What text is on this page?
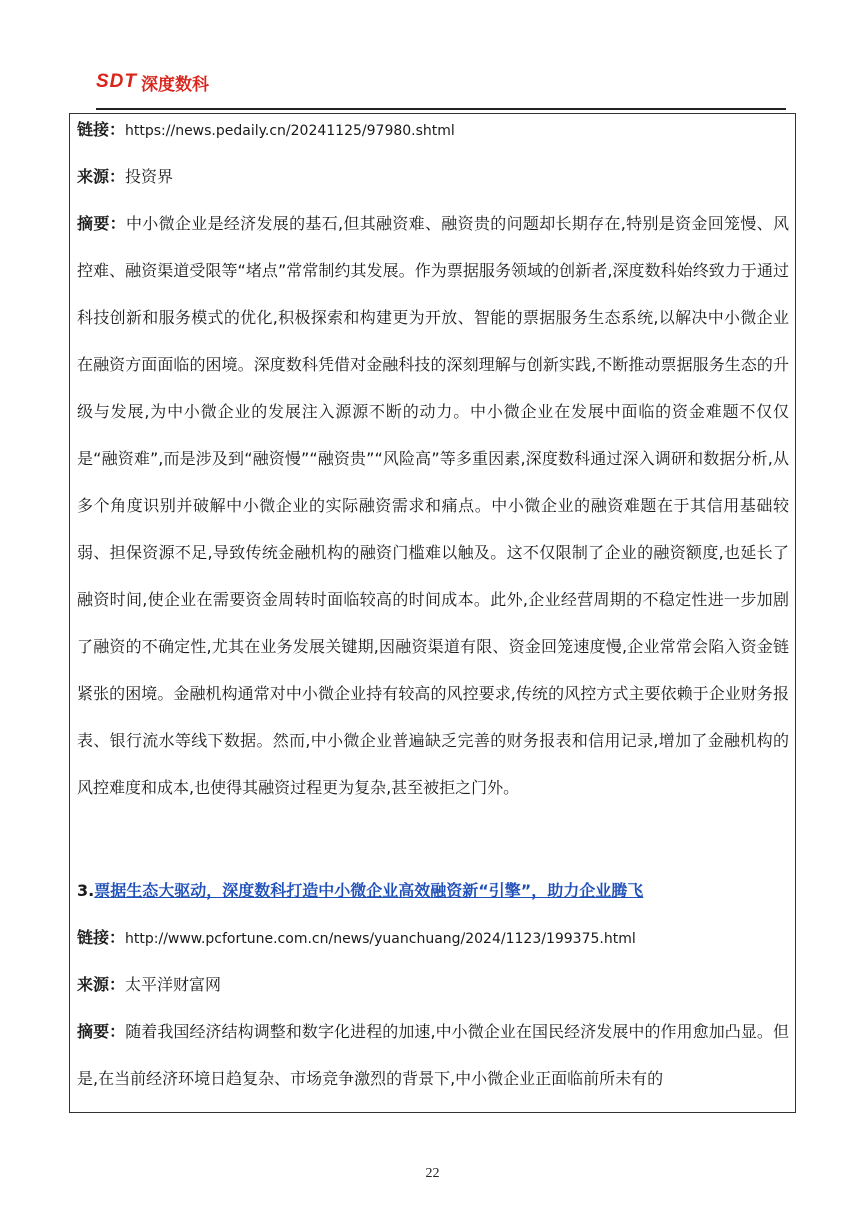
SDT 深度数科

链接：https://news.pedaily.cn/20241125/97980.shtml

来源：投资界

摘要：中小微企业是经济发展的基石,但其融资难、融资贵的问题却长期存在,特别是资金回笼慢、风控难、融资渠道受限等“堵点”常常制约其发展。作为票据服务领域的创新者,深度数科始终致力于通过科技创新和服务模式的优化,积极探索和构建更为开放、智能的票据服务生态系统,以解决中小微企业在融资方面面临的困境。深度数科凭借对金融科技的深刻理解与创新实践,不断推动票据服务生态的升级与发展,为中小微企业的发展注入源源不断的动力。中小微企业在发展中面临的资金难题不仅仅是“融资难”,而是涉及到“融资慢”“融资贵”“风险高”等多重因素,深度数科通过深入调研和数据分析,从多个角度识别并破解中小微企业的实际融资需求和痛点。中小微企业的融资难题在于其信用基础较弱、担保资源不足,导致传统金融机构的融资门槛难以触及。这不仅限制了企业的融资额度,也延长了融资时间,使企业在需要资金周转时面临较高的时间成本。此外,企业经营周期的不稳定性进一步加剧了融资的不确定性,尤其在业务发展关键期,因融资渠道有限、资金回笼速度慢,企业常常会陷入资金链紧张的困境。金融机构通常对中小微企业持有较高的风控要求,传统的风控方式主要依赖于企业财务报表、银行流水等线下数据。然而,中小微企业普遍缺乏完善的财务报表和信用记录,增加了金融机构的风控难度和成本,也使得其融资过程更为复杂,甚至被拒之门外。

3.票据生态大驱动，深度数科打造中小微企业高效融资新“引擎”，助力企业腾飞

链接：http://www.pcfortune.com.cn/news/yuanchuang/2024/1123/199375.html

来源：太平洋财富网

摘要：随着我国经济结构调整和数字化进程的加速,中小微企业在国民经济发展中的作用愈加凸显。但是,在当前经济环境日趋复杂、市场竞争激烈的背景下,中小微企业正面临前所未有的

22
